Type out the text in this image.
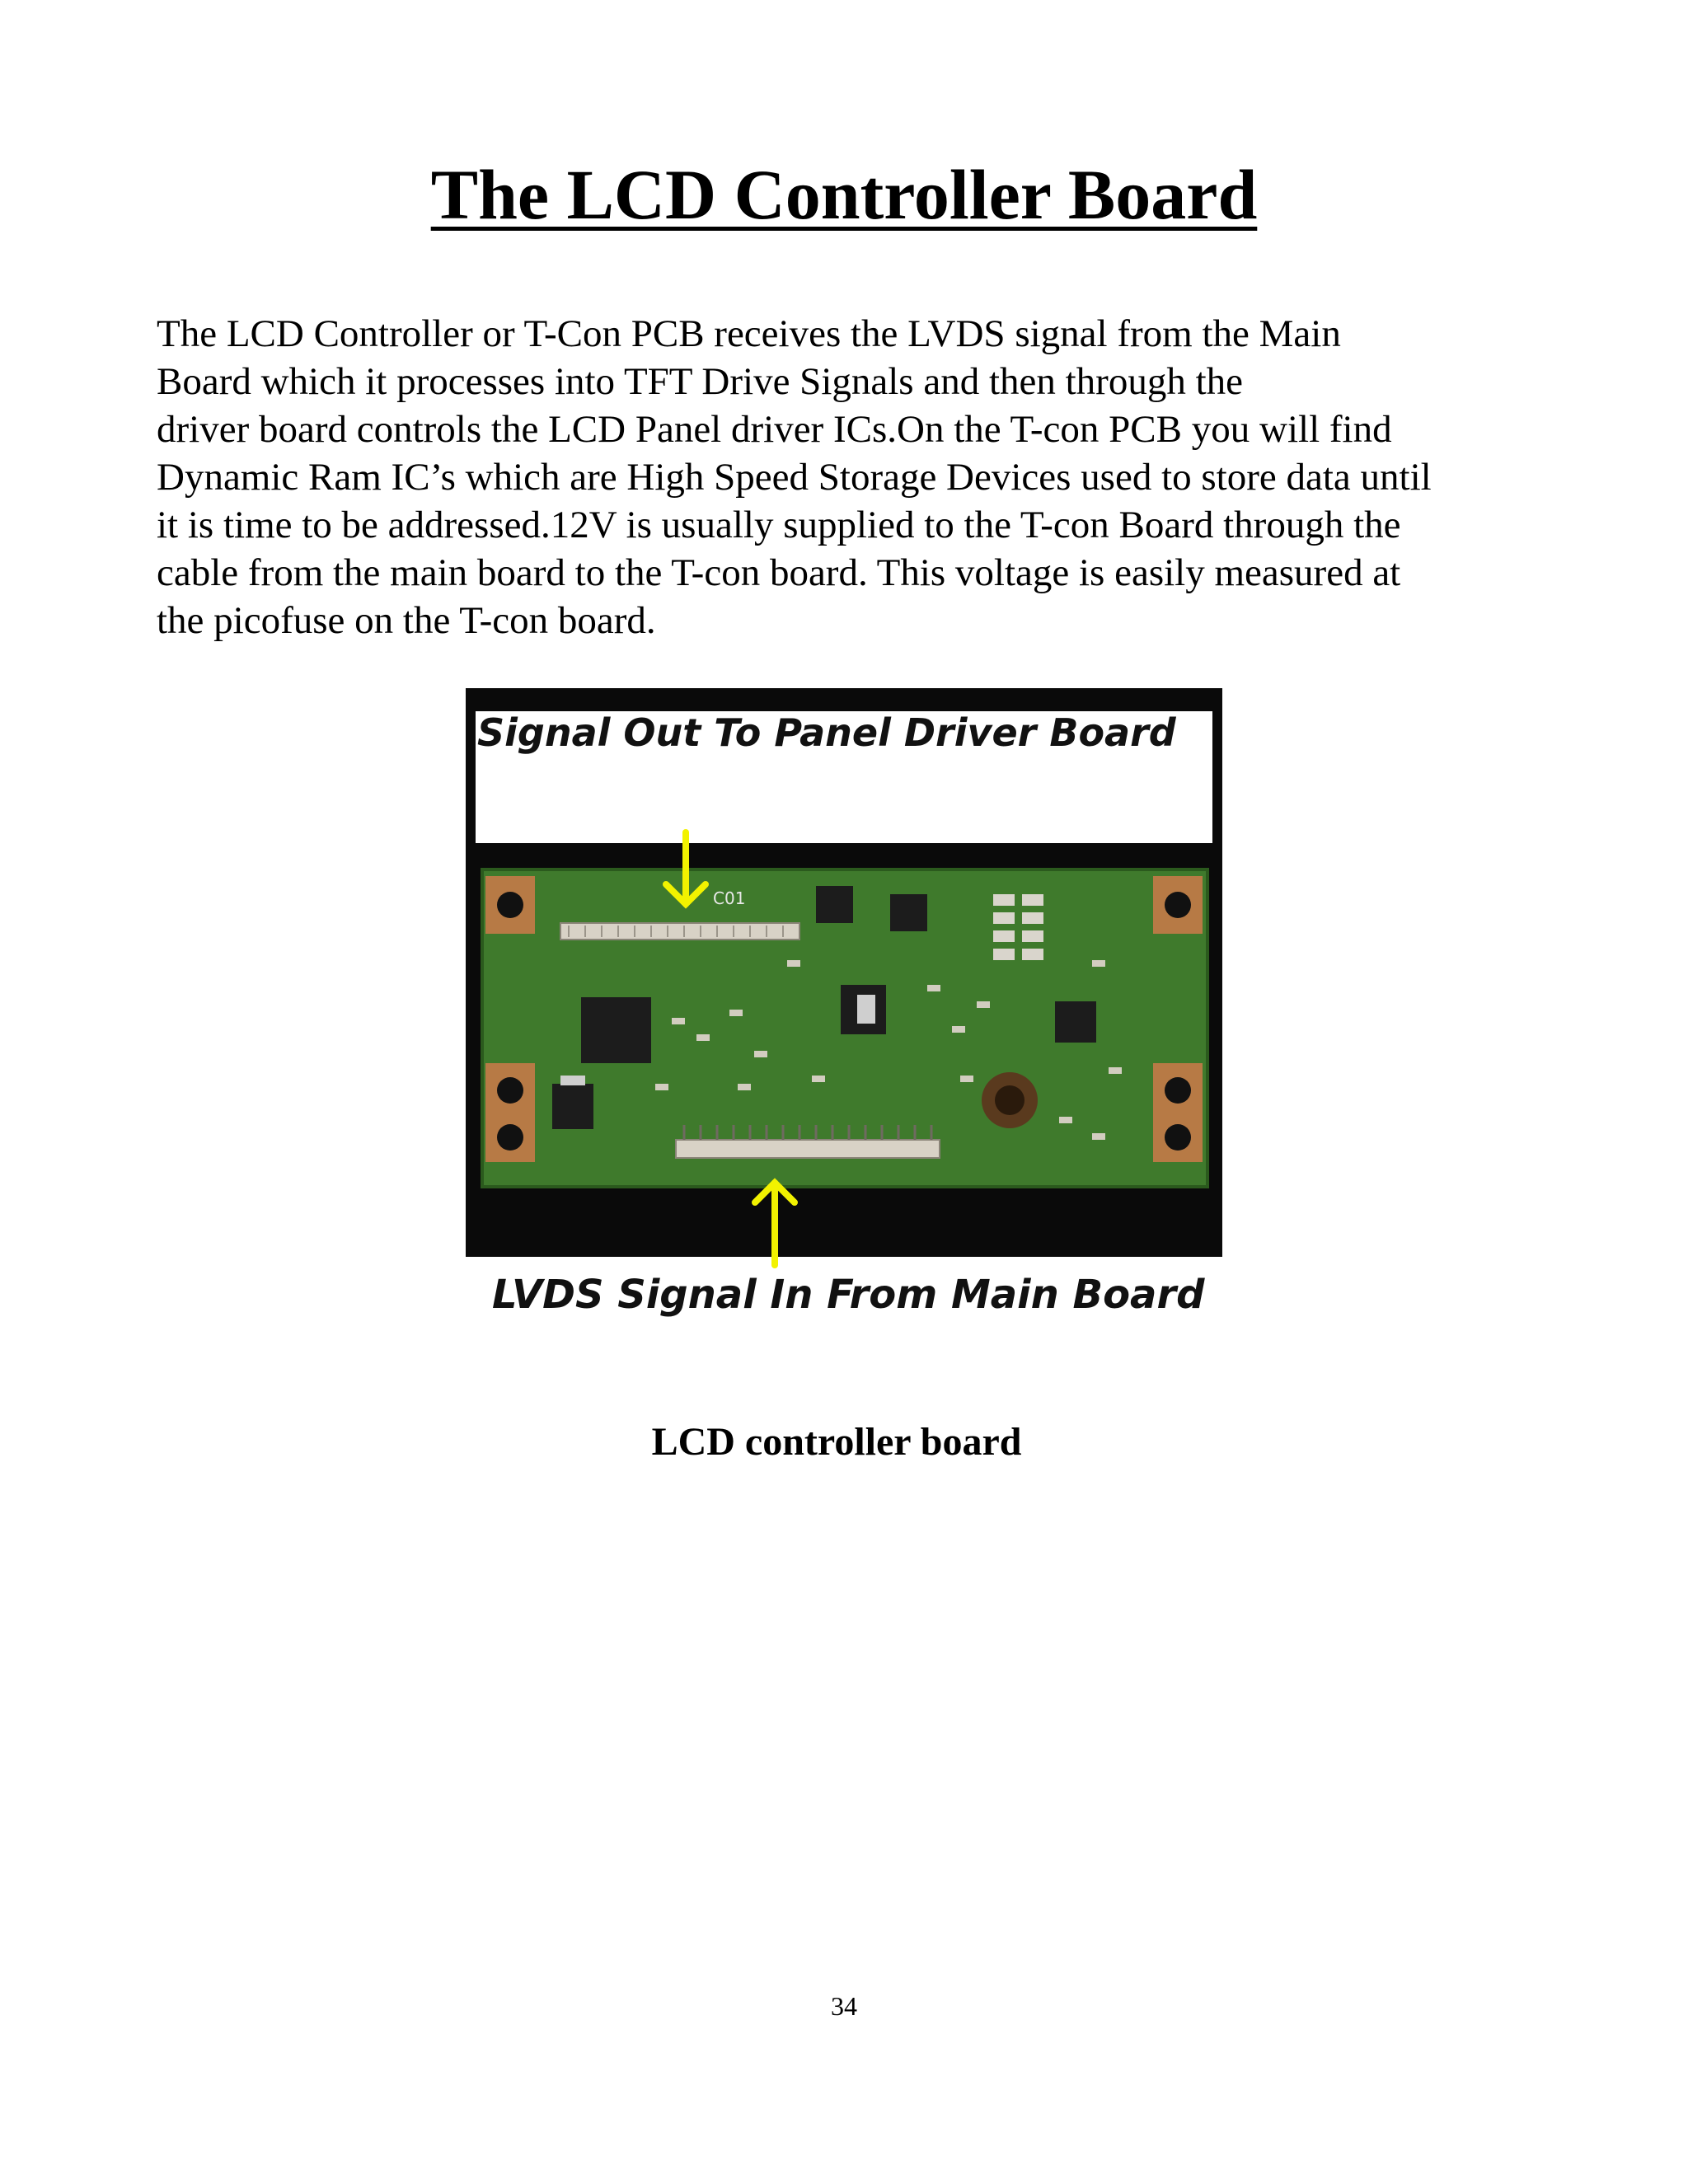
The LCD Controller Board
The LCD Controller or T-Con PCB receives the LVDS signal from the Main
Board which it processes into TFT Drive Signals and then through the
driver board controls the LCD Panel driver ICs.On the T-con PCB you will find
Dynamic Ram IC’s which are High Speed Storage Devices used to store data until
it is time to be addressed.12V is usually supplied to the T-con Board through the
cable from the main board to the T-con board. This voltage is easily measured at
the picofuse on the T-con board.
Signal Out To Panel Driver Board
C01
LVDS Signal In From Main Board

LCD controller board

34
